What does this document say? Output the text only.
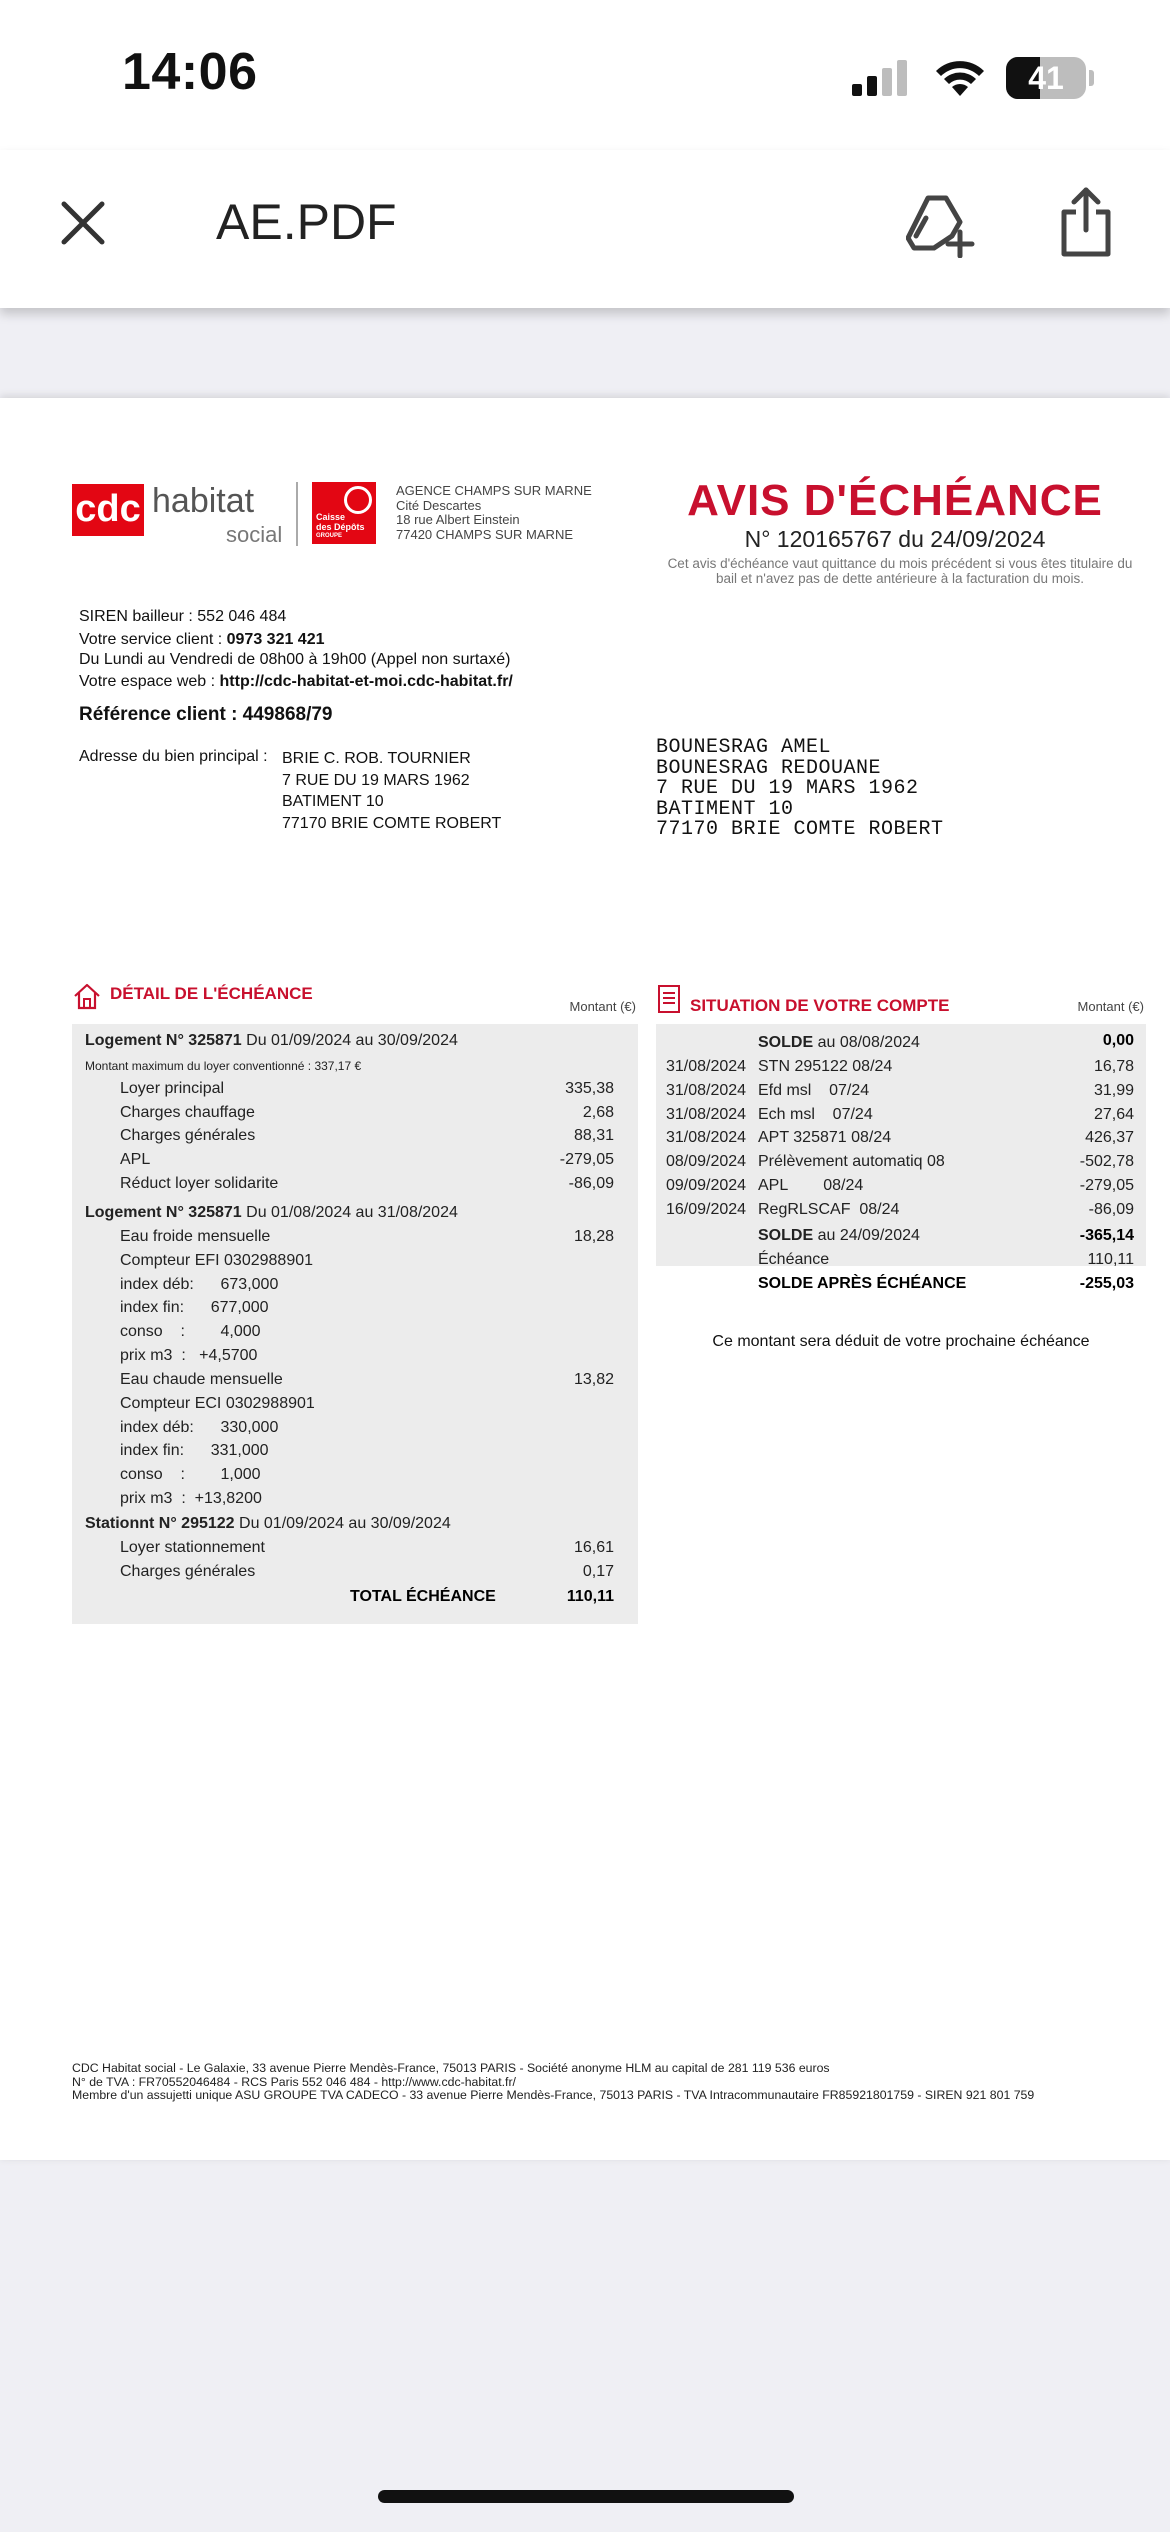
14:06	41
AE.PDF
cdc habitat
social
Caisse
des Dépôts
GROUPE
AGENCE CHAMPS SUR MARNE
Cité Descartes
18 rue Albert Einstein
77420 CHAMPS SUR MARNE
AVIS D'ÉCHÉANCE
N° 120165767 du 24/09/2024
Cet avis d'échéance vaut quittance du mois précédent si vous êtes titulaire du
bail et n'avez pas de dette antérieure à la facturation du mois.
SIREN bailleur : 552 046 484
Votre service client : 0973 321 421
Du Lundi au Vendredi de 08h00 à 19h00 (Appel non surtaxé)
Votre espace web : http://cdc-habitat-et-moi.cdc-habitat.fr/
Référence client : 449868/79
Adresse du bien principal : BRIE C. ROB. TOURNIER
7 RUE DU 19 MARS 1962
BATIMENT 10
77170 BRIE COMTE ROBERT
BOUNESRAG AMEL
BOUNESRAG REDOUANE
7 RUE DU 19 MARS 1962
BATIMENT 10
77170 BRIE COMTE ROBERT
DÉTAIL DE L'ÉCHÉANCE
Montant (€)	SITUATION DE VOTRE COMPTE	Montant (€)
Logement N° 325871 Du 01/09/2024 au 30/09/2024
Montant maximum du loyer conventionné : 337,17 €
Loyer principal	335,38
Charges chauffage	2,68
Charges générales	88,31
APL	-279,05
Réduct loyer solidarite	-86,09
Logement N° 325871 Du 01/08/2024 au 31/08/2024
Eau froide mensuelle	18,28
Compteur EFI 0302988901
index déb:      673,000
index fin:      677,000
conso    :        4,000
prix m3  :   +4,5700
Eau chaude mensuelle	13,82
Compteur ECI 0302988901
index déb:      330,000
index fin:      331,000
conso    :        1,000
prix m3  :  +13,8200
Stationnt N° 295122 Du 01/09/2024 au 30/09/2024
Loyer stationnement	16,61
Charges générales	0,17
TOTAL ÉCHÉANCE	110,11
SOLDE au 08/08/2024	0,00
31/08/2024 STN 295122 08/24	16,78
31/08/2024 Efd msl    07/24	31,99
31/08/2024 Ech msl    07/24	27,64
31/08/2024 APT 325871 08/24	426,37
08/09/2024 Prélèvement automatiq 08	-502,78
09/09/2024 APL        08/24	-279,05
16/09/2024 RegRLSCAF  08/24	-86,09
SOLDE au 24/09/2024	-365,14
Échéance	110,11
SOLDE APRÈS ÉCHÉANCE	-255,03
Ce montant sera déduit de votre prochaine échéance
CDC Habitat social - Le Galaxie, 33 avenue Pierre Mendès-France, 75013 PARIS - Société anonyme HLM au capital de 281 119 536 euros
N° de TVA : FR70552046484 - RCS Paris 552 046 484 - http://www.cdc-habitat.fr/
Membre d'un assujetti unique ASU GROUPE TVA CADECO - 33 avenue Pierre Mendès-France, 75013 PARIS - TVA Intracommunautaire FR85921801759 - SIREN 921 801 759
